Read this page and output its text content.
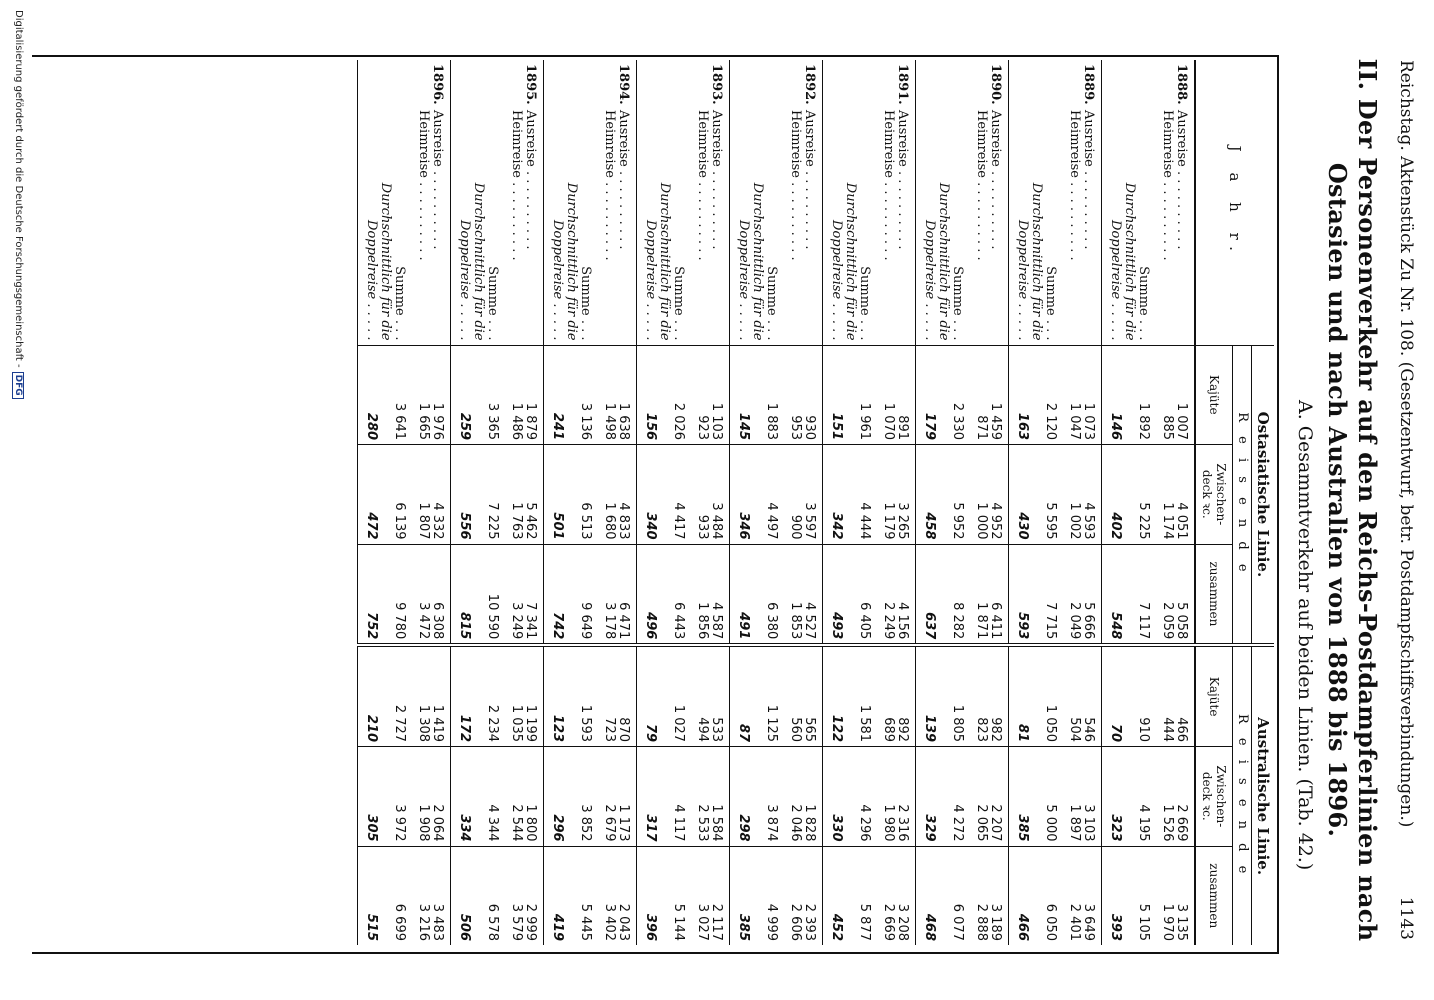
Reichstag. Aktenstück Zu Nr. 108. (Gesetzentwurf, betr. Postdampfschiffsverbindungen.)
1143
II. Der Personenverkehr auf den Reichs-Postdampferlinien nach Ostasien und nach Australien von 1888 bis 1896.
A. Gesammtverkehr auf beiden Linien. (Tab. 42.)
J a h r.	Ostasiatische Linie.			Australische Linie.		
	R e i s e n d e			R e i s e n d e		
	Kajüte	Zwischen- deck ꝛc.	zusammen	Kajüte	Zwischen- deck ꝛc.	zusammen
1888.Ausreise . . . . . . . . . .	1 007	4 051	5 058	466	2 669	3 135
Heimreise . . . . . . . . . .	885	1 174	2 059	444	1 526	1 970
Summe . . .	1 892	5 225	7 117	910	4 195	5 105

Durchschnittlich für die
Doppelreise . . . . .	146	402	548	70	323	393
1889.Ausreise . . . . . . . . . .	1 073	4 593	5 666	546	3 103	3 649
Heimreise . . . . . . . . . .	1 047	1 002	2 049	504	1 897	2 401
Summe . . .	2 120	5 595	7 715	1 050	5 000	6 050

Durchschnittlich für die
Doppelreise . . . . .	163	430	593	81	385	466
1890.Ausreise . . . . . . . . . .	1 459	4 952	6 411	982	2 207	3 189
Heimreise . . . . . . . . . .	871	1 000	1 871	823	2 065	2 888
Summe . . .	2 330	5 952	8 282	1 805	4 272	6 077

Durchschnittlich für die
Doppelreise . . . . .	179	458	637	139	329	468
1891.Ausreise . . . . . . . . . .	891	3 265	4 156	892	2 316	3 208
Heimreise . . . . . . . . . .	1 070	1 179	2 249	689	1 980	2 669
Summe . . .	1 961	4 444	6 405	1 581	4 296	5 877

Durchschnittlich für die
Doppelreise . . . . .	151	342	493	122	330	452
1892.Ausreise . . . . . . . . . .	930	3 597	4 527	565	1 828	2 393
Heimreise . . . . . . . . . .	953	900	1 853	560	2 046	2 606
Summe . . .	1 883	4 497	6 380	1 125	3 874	4 999

Durchschnittlich für die
Doppelreise . . . . .	145	346	491	87	298	385
1893.Ausreise . . . . . . . . . .	1 103	3 484	4 587	533	1 584	2 117
Heimreise . . . . . . . . . .	923	933	1 856	494	2 533	3 027
Summe . . .	2 026	4 417	6 443	1 027	4 117	5 144

Durchschnittlich für die
Doppelreise . . . . .	156	340	496	79	317	396
1894.Ausreise . . . . . . . . . .	1 638	4 833	6 471	870	1 173	2 043
Heimreise . . . . . . . . . .	1 498	1 680	3 178	723	2 679	3 402
Summe . . .	3 136	6 513	9 649	1 593	3 852	5 445

Durchschnittlich für die
Doppelreise . . . . .	241	501	742	123	296	419
1895.Ausreise . . . . . . . . . .	1 879	5 462	7 341	1 199	1 800	2 999
Heimreise . . . . . . . . . .	1 486	1 763	3 249	1 035	2 544	3 579
Summe . . .	3 365	7 225	10 590	2 234	4 344	6 578

Durchschnittlich für die
Doppelreise . . . . .	259	556	815	172	334	506
1896.Ausreise . . . . . . . . . .	1 976	4 332	6 308	1 419	2 064	3 483
Heimreise . . . . . . . . . .	1 665	1 807	3 472	1 308	1 908	3 216
Summe . . .	3 641	6 139	9 780	2 727	3 972	6 699

Durchschnittlich für die
Doppelreise . . . . .	280	472	752	210	305	515
Digitalisierung gefördert durch die Deutsche Forschungsgemeinschaft -DFG
